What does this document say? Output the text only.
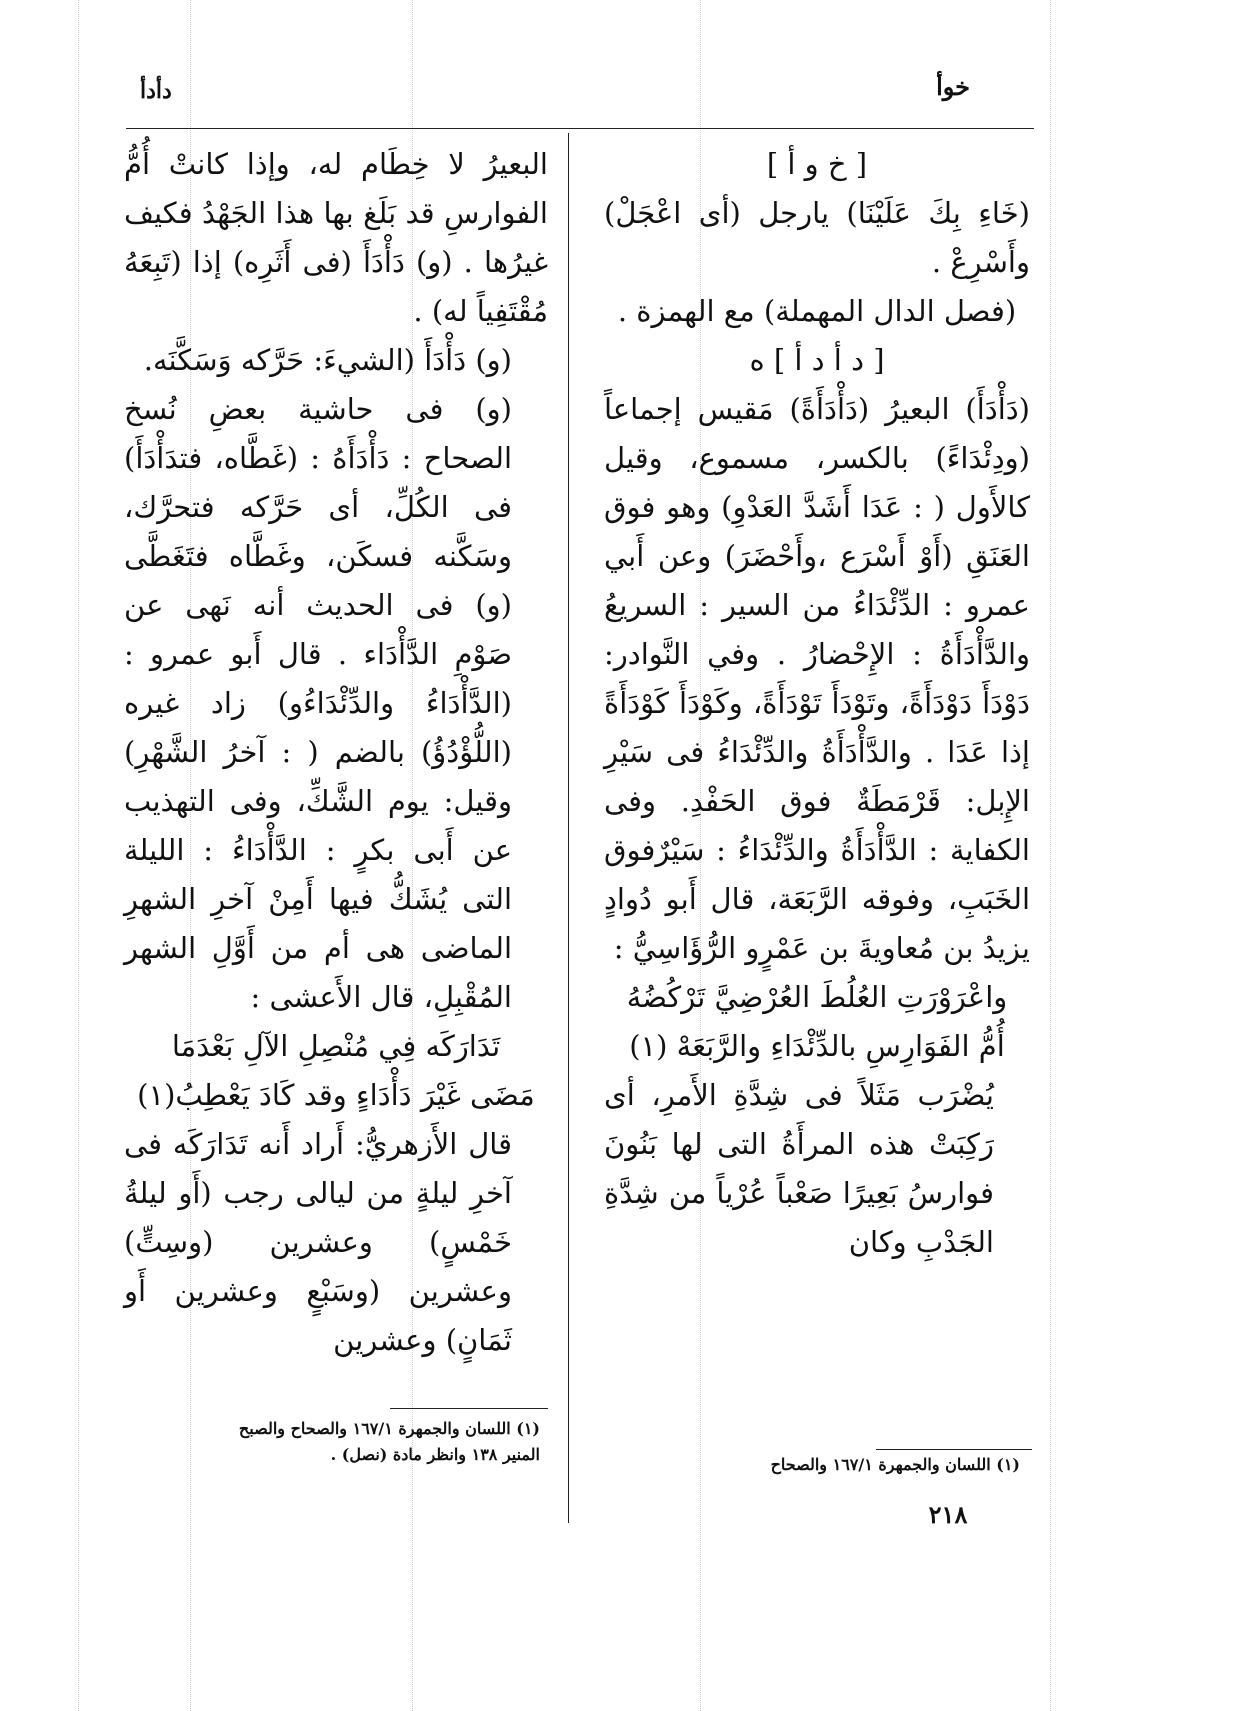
دأدأ	خوأ

[ خ و أ ]

(خَاءِ بِكَ عَلَيْنَا) يارجل (أى اعْجَلْ) وأَسْرِعْ .

(فصل الدال المهملة) مع الهمزة .

[ د أ د أ ] ه

(دَأْدَأَ) البعيرُ (دَأْدَأَةً) مَقيس إجماعاً (ودِئْدَاءً) بالكسر، مسموع، وقيل كالأَول ( : عَدَا أَشَدَّ العَدْوِ) وهو فوق العَنَقِ (أَوْ أَسْرَع ،وأَحْضَرَ) وعن أَبي عمرو : الدِّئْدَاءُ من السير : السريعُ والدَّأْدَأَةُ : الإِحْضارُ . وفي النَّوادر: دَوْدَأَ دَوْدَأَةً، وتَوْدَأَ تَوْدَأَةً، وكَوْدَأَ كَوْدَأَةً إذا عَدَا . والدَّأْدَأَةُ والدِّئْدَاءُ فى سَيْرِ الإِبل: قَرْمَطَةٌ فوق الحَفْدِ. وفى الكفاية : الدَّأْدَأَةُ والدِّئْدَاءُ : سَيْرٌفوق الخَبَبِ، وفوقه الرَّبَعَة، قال أَبو دُوادٍ يزيدُ بن مُعاويةَ بن عَمْرٍو الرُّؤَاسِيُّ :

واعْرَوْرَتِ العُلُطَ العُرْضِيَّ تَرْكُضُهُ

أُمُّ الفَوَارِسِ بالدِّئْدَاءِ والرَّبَعَهْ (١)

يُضْرَب مَثَلاً فى شِدَّةِ الأَمرِ، أى رَكِبَتْ هذه المرأَةُ التى لها بَنُونَ فوارسُ بَعِيرًا صَعْباً عُرْياً من شِدَّةِ الجَدْبِ وكان

البعيرُ لا خِطَام له، وإذا كانتْ أُمُّ الفوارسِ قد بَلَغ بها هذا الجَهْدُ فكيف غيرُها . (و) دَأْدَأَ (فى أَثَرِه) إذا (تَبِعَهُ مُقْتَفِياً له) .

(و) دَأْدَأَ (الشيءَ: حَرَّكه وَسَكَّنَه.

(و) فى حاشية بعضِ نُسخ الصحاح : دَأْدَأَهُ : (غَطَّاه، فتدَأْدَأَ) فى الكُلِّ، أى حَرَّكه فتحرَّك، وسَكَّنه فسكَن، وغَطَّاه فتَغَطَّى (و) فى الحديث أنه نَهى عن صَوْمِ الدَّأْدَاء . قال أَبو عمرو : (الدَّأْدَاءُ والدِّئْدَاءُو) زاد غيره (اللُّؤْدُؤُ) بالضم ( : آخرُ الشَّهْرِ) وقيل: يوم الشَّكِّ، وفى التهذيب عن أَبى بكرٍ : الدَّأْدَاءُ : الليلة التى يُشَكُّ فيها أَمِنْ آخرِ الشهرِ الماضى هى أم من أَوَّلِ الشهر المُقْبِلِ، قال الأَعشى :

تَدَارَكَه فِي مُنْصِلِ الآلِ بَعْدَمَا

مَضَى غَيْرَ دَأْدَاءٍ وقد كَادَ يَعْطِبُ(١)

قال الأَزهريُّ: أَراد أَنه تَدَارَكَه فى آخرِ ليلةٍ من ليالى رجب (أَو ليلةُ خَمْسٍ) وعشرين (وسِتٍّ) وعشرين (وسَبْعٍ وعشرين أَو ثَمَانٍ) وعشرين

(١) اللسان والجمهرة ١٦٧/١ والصحاح
(١) اللسان والجمهرة ١٦٧/١ والصحاح والصبح المنير ١٣٨ وانظر مادة (نصل) .
٢١٨
